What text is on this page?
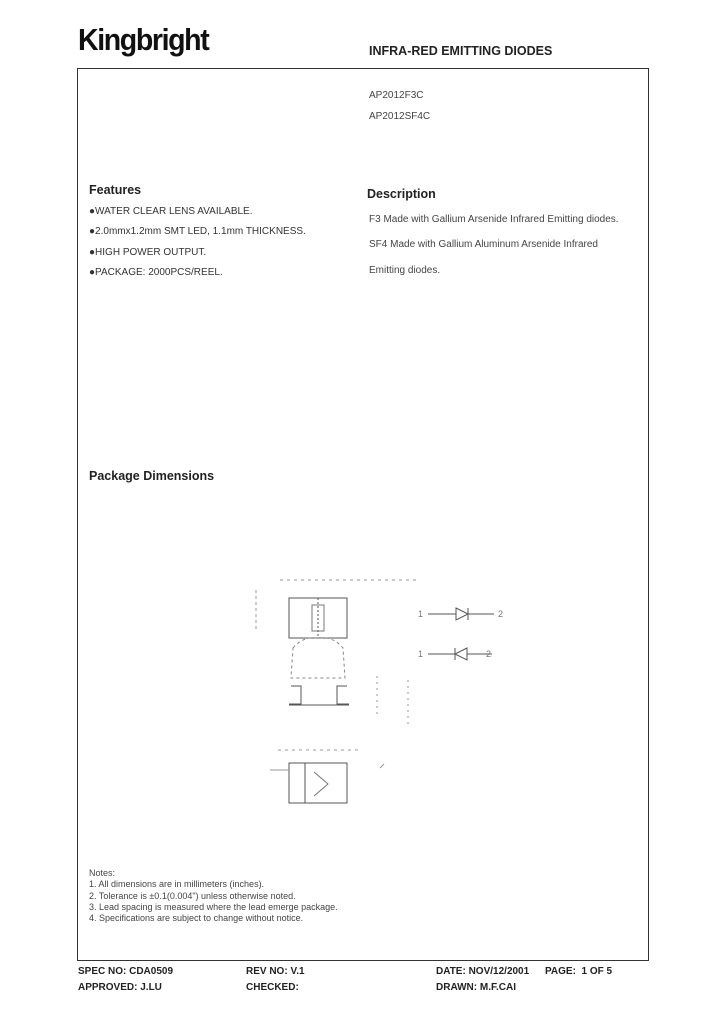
Kingbright	INFRA-RED EMITTING DIODES
AP2012F3C
AP2012SF4C
Features
●WATER CLEAR LENS AVAILABLE.
●2.0mmx1.2mm SMT LED, 1.1mm THICKNESS.
●HIGH POWER OUTPUT.
●PACKAGE: 2000PCS/REEL.
Description
F3 Made with Gallium Arsenide Infrared Emitting diodes.
SF4 Made with Gallium Aluminum Arsenide Infrared
Emitting diodes.
Package Dimensions
1	2
1	2
Notes:
1. All dimensions are in millimeters (inches).
2. Tolerance is ±0.1(0.004") unless otherwise noted.
3. Lead spacing is measured where the lead emerge package.
4. Specifications are subject to change without notice.
SPEC NO: CDA0509	REV NO: V.1	DATE: NOV/12/2001 PAGE:  1 OF 5
APPROVED: J.LU	CHECKED:	DRAWN: M.F.CAI
